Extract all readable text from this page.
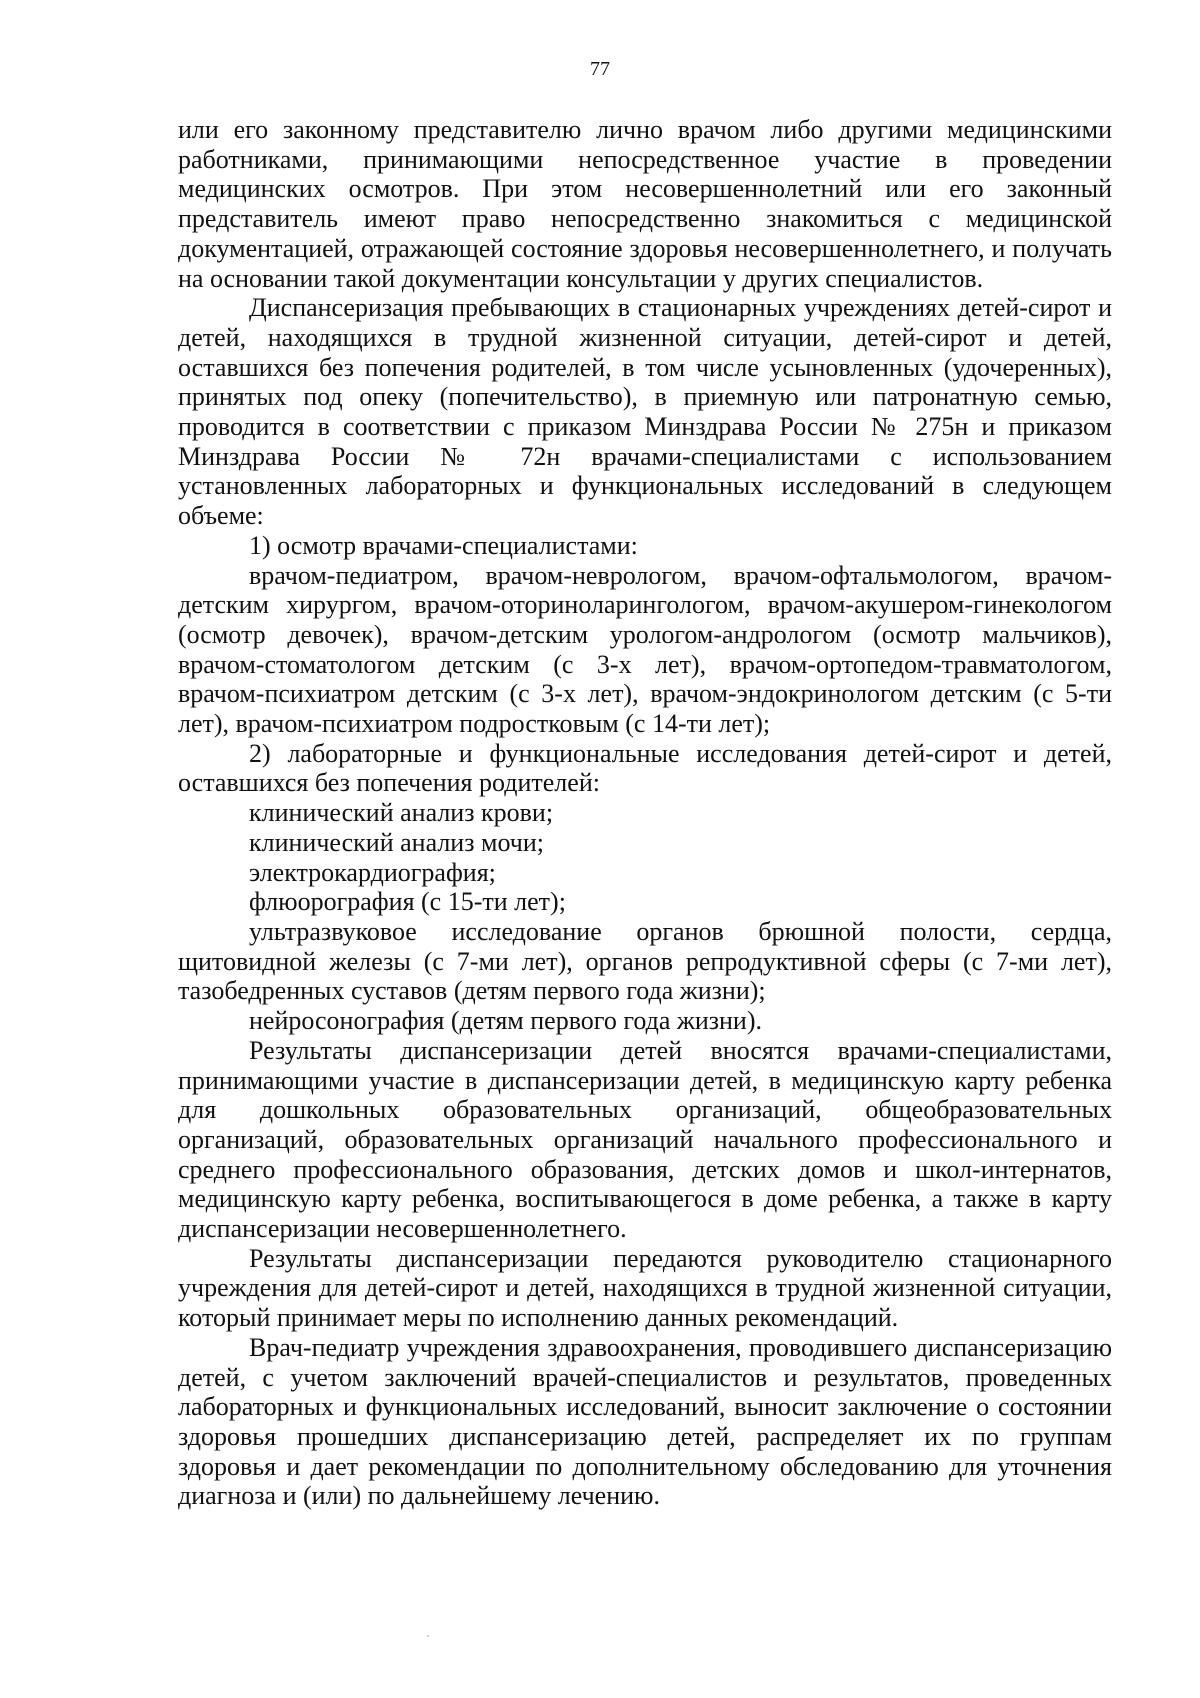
77

или его законному представителю лично врачом либо другими медицинскими работниками, принимающими непосредственное участие в проведении медицинских осмотров. При этом несовершеннолетний или его законный представитель имеют право непосредственно знакомиться с медицинской документацией, отражающей состояние здоровья несовершеннолетнего, и получать на основании такой документации консультации у других специалистов.

Диспансеризация пребывающих в стационарных учреждениях детей-сирот и детей, находящихся в трудной жизненной ситуации, детей-сирот и детей, оставшихся без попечения родителей, в том числе усыновленных (удочеренных), принятых под опеку (попечительство), в приемную или патронатную семью, проводится в соответствии с приказом Минздрава России № 275н и приказом Минздрава России № 72н врачами-специалистами с использованием установленных лабораторных и функциональных исследований в следующем объеме:

1) осмотр врачами-специалистами:

врачом-педиатром, врачом-неврологом, врачом-офтальмологом, врачом-детским хирургом, врачом-оториноларингологом, врачом-акушером-гинекологом (осмотр девочек), врачом-детским урологом-андрологом (осмотр мальчиков), врачом-стоматологом детским (с 3-х лет), врачом-ортопедом-травматологом, врачом-психиатром детским (с 3-х лет), врачом-эндокринологом детским (с 5-ти лет), врачом-психиатром подростковым (с 14-ти лет);

2) лабораторные и функциональные исследования детей-сирот и детей, оставшихся без попечения родителей:

клинический анализ крови;

клинический анализ мочи;

электрокардиография;

флюорография (с 15-ти лет);

ультразвуковое исследование органов брюшной полости, сердца, щитовидной железы (с 7-ми лет), органов репродуктивной сферы (с 7-ми лет), тазобедренных суставов (детям первого года жизни);

нейросонография (детям первого года жизни).

Результаты диспансеризации детей вносятся врачами-специалистами, принимающими участие в диспансеризации детей, в медицинскую карту ребенка для дошкольных образовательных организаций, общеобразовательных организаций, образовательных организаций начального профессионального и среднего профессионального образования, детских домов и школ-интернатов, медицинскую карту ребенка, воспитывающегося в доме ребенка, а также в карту диспансеризации несовершеннолетнего.

Результаты диспансеризации передаются руководителю стационарного учреждения для детей-сирот и детей, находящихся в трудной жизненной ситуации, который принимает меры по исполнению данных рекомендаций.

Врач-педиатр учреждения здравоохранения, проводившего диспансеризацию детей, с учетом заключений врачей-специалистов и результатов, проведенных лабораторных и функциональных исследований, выносит заключение о состоянии здоровья прошедших диспансеризацию детей, распределяет их по группам здоровья и дает рекомендации по дополнительному обследованию для уточнения диагноза и (или) по дальнейшему лечению.
